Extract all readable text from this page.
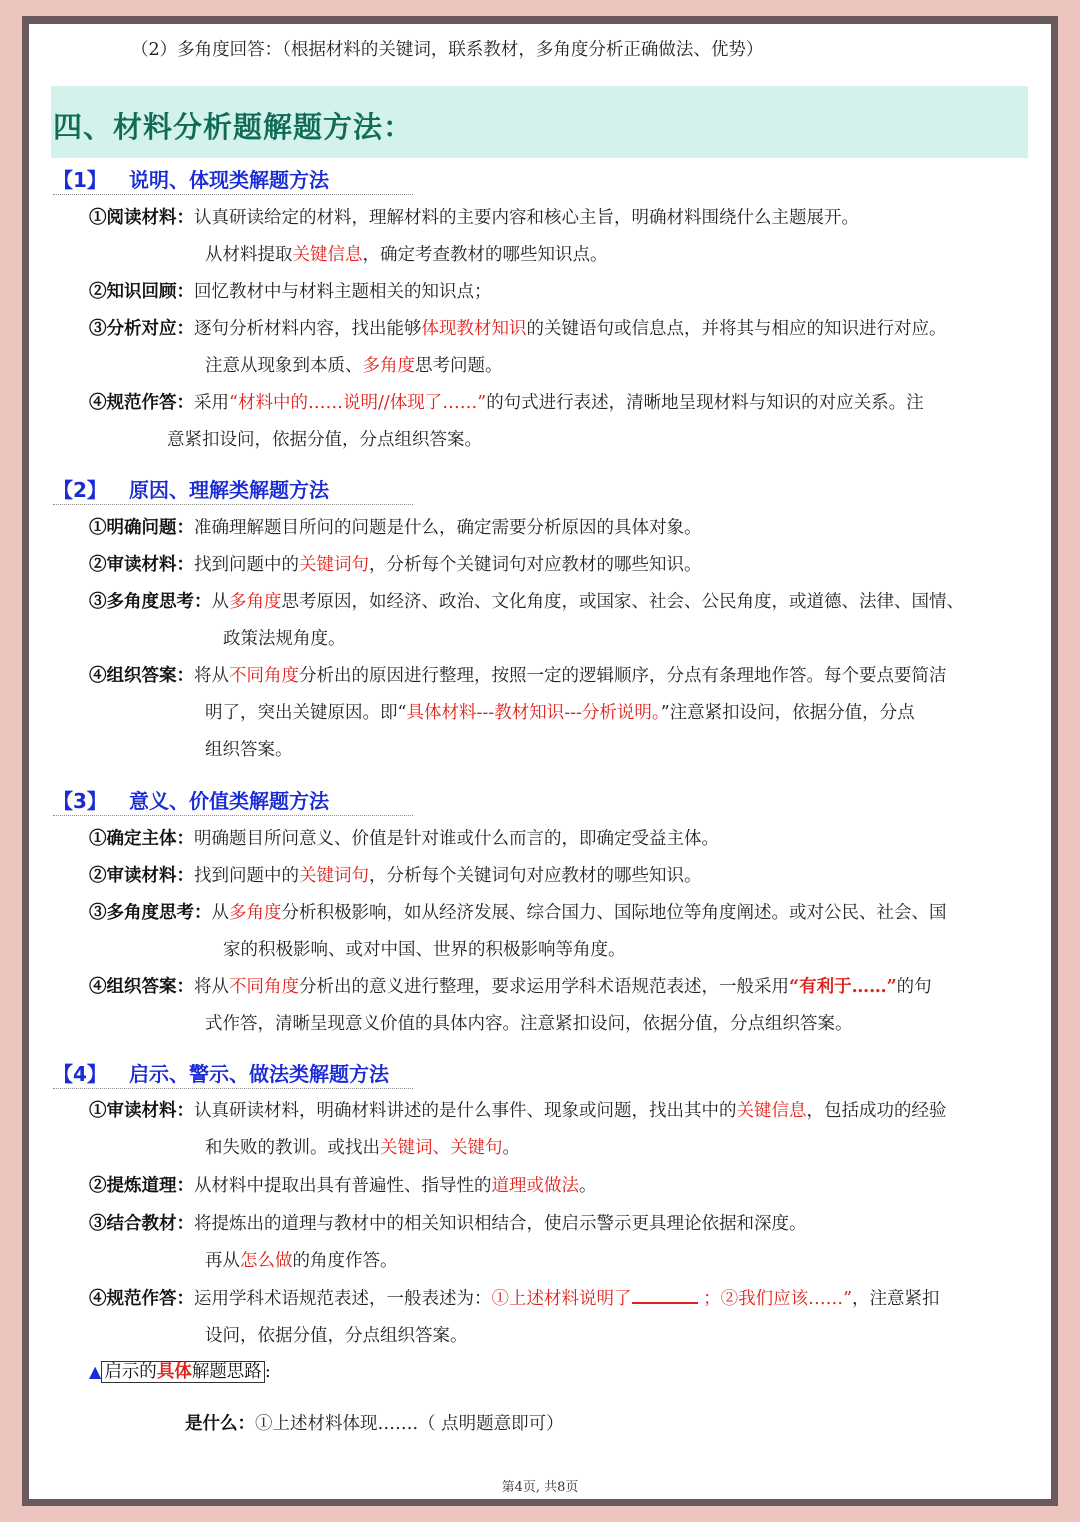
（2）多角度回答：（根据材料的关键词，联系教材，多角度分析正确做法、优势）
四、材料分析题解题方法：
【1】 说明、体现类解题方法
①阅读材料：认真研读给定的材料，理解材料的主要内容和核心主旨，明确材料围绕什么主题展开。
从材料提取关键信息，确定考查教材的哪些知识点。
②知识回顾：回忆教材中与材料主题相关的知识点；
③分析对应：逐句分析材料内容，找出能够体现教材知识的关键语句或信息点，并将其与相应的知识进行对应。
注意从现象到本质、多角度思考问题。
④规范作答：采用“材料中的……说明//体现了……”的句式进行表述，清晰地呈现材料与知识的对应关系。注
意紧扣设问，依据分值，分点组织答案。
【2】 原因、理解类解题方法
①明确问题：准确理解题目所问的问题是什么，确定需要分析原因的具体对象。
②审读材料：找到问题中的关键词句，分析每个关键词句对应教材的哪些知识。
③多角度思考：从多角度思考原因，如经济、政治、文化角度，或国家、社会、公民角度，或道德、法律、国情、
政策法规角度。
④组织答案：将从不同角度分析出的原因进行整理，按照一定的逻辑顺序，分点有条理地作答。每个要点要简洁
明了，突出关键原因。即“具体材料---教材知识---分析说明。”注意紧扣设问，依据分值，分点
组织答案。
【3】 意义、价值类解题方法
①确定主体：明确题目所问意义、价值是针对谁或什么而言的，即确定受益主体。
②审读材料：找到问题中的关键词句，分析每个关键词句对应教材的哪些知识。
③多角度思考：从多角度分析积极影响，如从经济发展、综合国力、国际地位等角度阐述。或对公民、社会、国
家的积极影响、或对中国、世界的积极影响等角度。
④组织答案：将从不同角度分析出的意义进行整理，要求运用学科术语规范表述，一般采用“有利于……”的句
式作答，清晰呈现意义价值的具体内容。注意紧扣设问，依据分值，分点组织答案。
【4】 启示、警示、做法类解题方法
①审读材料：认真研读材料，明确材料讲述的是什么事件、现象或问题，找出其中的关键信息，包括成功的经验
和失败的教训。或找出关键词、关键句。
②提炼道理：从材料中提取出具有普遍性、指导性的道理或做法。
③结合教材：将提炼出的道理与教材中的相关知识相结合，使启示警示更具理论依据和深度。
再从怎么做的角度作答。
④规范作答：运用学科术语规范表述，一般表述为：①上述材料说明了	；②我们应该……”，注意紧扣
设问，依据分值，分点组织答案。
▲ 启示的具体解题思路 :
是什么：①上述材料体现…….（ 点明题意即可）
第4页, 共8页
